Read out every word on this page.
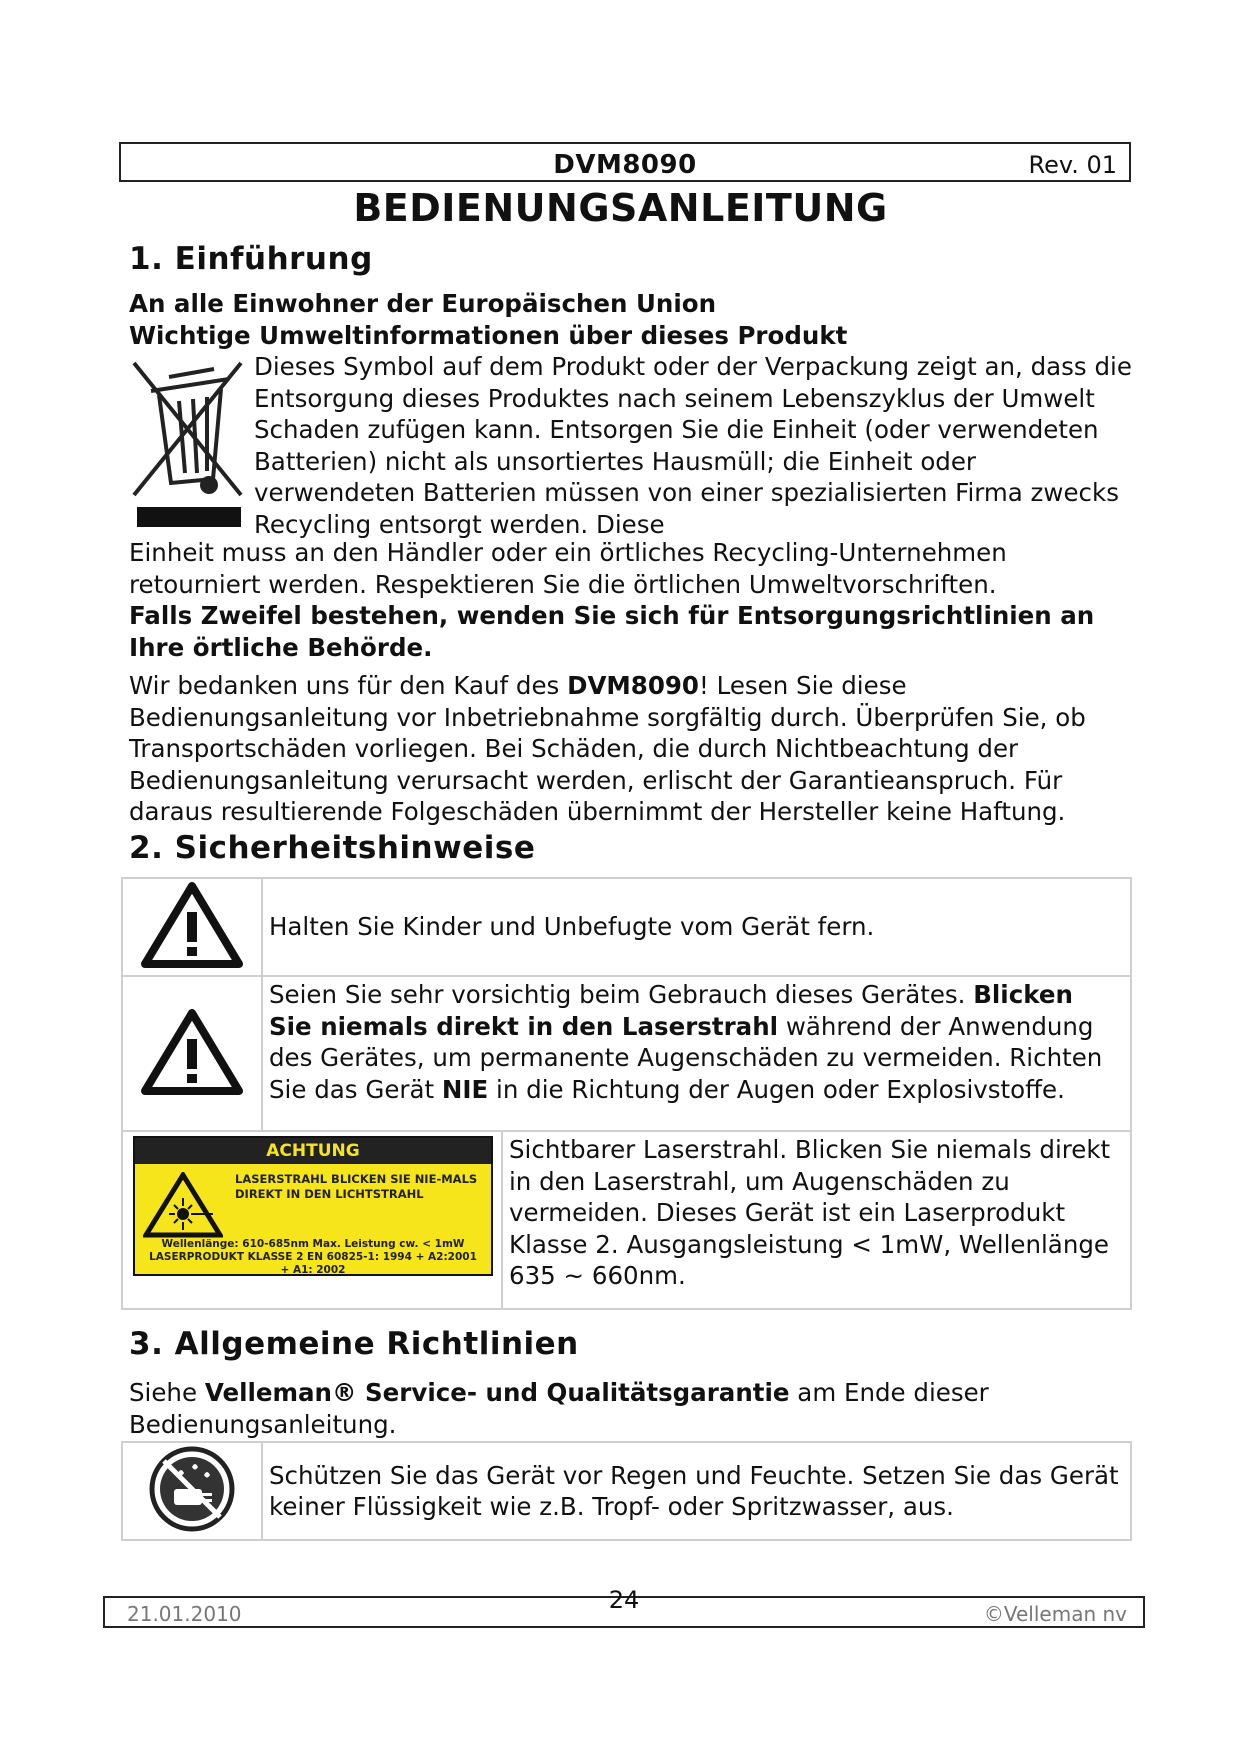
DVM8090	Rev. 01
BEDIENUNGSANLEITUNG
1. Einführung
An alle Einwohner der Europäischen Union
Wichtige Umweltinformationen über dieses Produkt
Dieses Symbol auf dem Produkt oder der Verpackung zeigt an, dass die Entsorgung dieses Produktes nach seinem Lebenszyklus der Umwelt Schaden zufügen kann. Entsorgen Sie die Einheit (oder verwendeten Batterien) nicht als unsortiertes Hausmüll; die Einheit oder verwendeten Batterien müssen von einer spezialisierten Firma zwecks Recycling entsorgt werden. Diese
Einheit muss an den Händler oder ein örtliches Recycling-Unternehmen retourniert werden. Respektieren Sie die örtlichen Umweltvorschriften.
Falls Zweifel bestehen, wenden Sie sich für Entsorgungsrichtlinien an Ihre örtliche Behörde.
Wir bedanken uns für den Kauf des DVM8090! Lesen Sie diese Bedienungsanleitung vor Inbetriebnahme sorgfältig durch. Überprüfen Sie, ob Transportschäden vorliegen. Bei Schäden, die durch Nichtbeachtung der Bedienungsanleitung verursacht werden, erlischt der Garantieanspruch. Für daraus resultierende Folgeschäden übernimmt der Hersteller keine Haftung.
2. Sicherheitshinweise

Halten Sie Kinder und Unbefugte vom Gerät fern.

Seien Sie sehr vorsichtig beim Gebrauch dieses Gerätes. Blicken Sie niemals direkt in den Laserstrahl während der Anwendung des Gerätes, um permanente Augenschäden zu vermeiden. Richten Sie das Gerät NIE in die Richtung der Augen oder Explosivstoffe.
ACHTUNG
LASERSTRAHL BLICKEN SIE NIE-MALS DIREKT IN DEN LICHTSTRAHL
Wellenlänge: 610-685nm Max. Leistung cw. < 1mW LASERPRODUKT KLASSE 2 EN 60825-1: 1994 + A2:2001 + A1: 2002

Sichtbarer Laserstrahl. Blicken Sie niemals direkt in den Laserstrahl, um Augenschäden zu vermeiden. Dieses Gerät ist ein Laserprodukt Klasse 2. Ausgangsleistung < 1mW, Wellenlänge 635 ~ 660nm.
3. Allgemeine Richtlinien
Siehe Velleman® Service- und Qualitätsgarantie am Ende dieser Bedienungsanleitung.

Schützen Sie das Gerät vor Regen und Feuchte. Setzen Sie das Gerät keiner Flüssigkeit wie z.B. Tropf- oder Spritzwasser, aus.
21.01.2010	24	©Velleman nv
